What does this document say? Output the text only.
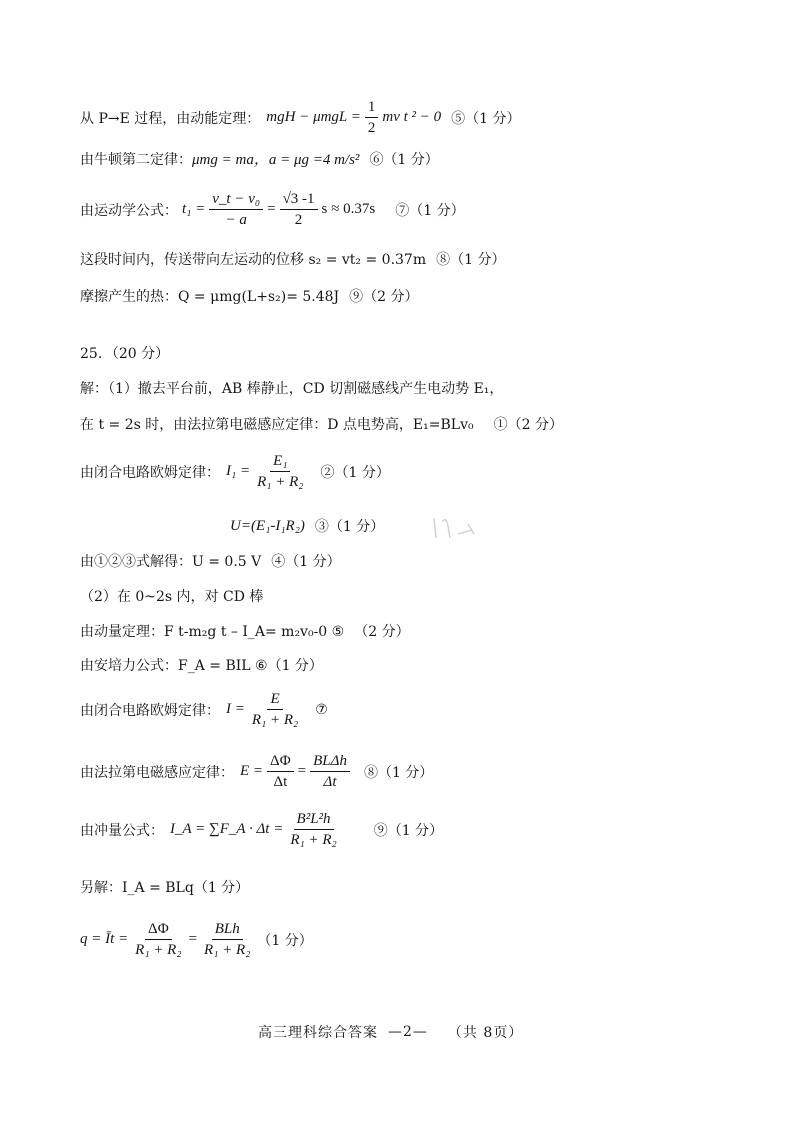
从 P→E 过程，由动能定理： mgH − $\mu mgL = \frac{1}{2}$ mv t ² − 0 ⑤（1 分）
由牛顿第二定律： μmg = ma，a = μg =4 m/s² ⑥（1 分）
由运动学公式： $t_1 = \frac{\text{v\_t − v₀}}{- a} = \frac{√3 -1}{2}$ s ≈ 0.37s ⑦（1 分）
这段时间内，传送带向左运动的位移 s₂ = vt₂ = 0.37m ⑧（1 分）
摩擦产生的热：Q = μmg(L+s₂)= 5.48J ⑨（2 分）
25．（20 分）
解：（1）撤去平台前，AB 棒静止，CD 切割磁感线产生电动势 E₁，
在 t = 2s 时，由法拉第电磁感应定律：D 点电势高，E₁=BLv₀ ①（2 分）
由闭合电路欧姆定律： $I_1 = \frac{\text{E₁}}{\text{R₁ + R₂}}$ ②（1 分）
U=(E₁-I₁R₂) ③（1 分）
由①②③式解得：U = 0.5 V ④（1 分）
（2）在 0~2s 内，对 CD 棒
由动量定理：F t-m₂g t – I_A= m₂v₀-0 ⑤ （2 分）
由安培力公式：F_A = BIL ⑥（1 分）
由闭合电路欧姆定律： $I = \frac{E}{\text{R₁ + R₂}}$ ⑦
由法拉第电磁感应定律： $E = \frac{\Delta\Phi}{\Delta t} = \frac{\text{BLΔh}}{\Delta t}$ ⑧（1 分）
由冲量公式： I_A = ∑F_A · $\Delta t = \frac{\text{B²L²h}}{\text{R₁ + R₂}}$ ⑨（1 分）
另解：I_A = BLq（1 分）
q = Īt = $\frac{\Delta\Phi}{\text{R₁ + R₂}} = \frac{\text{BLh}}{\text{R₁ + R₂}} (1$ 分）
高三理科综合答案 —2— （共 8页）
